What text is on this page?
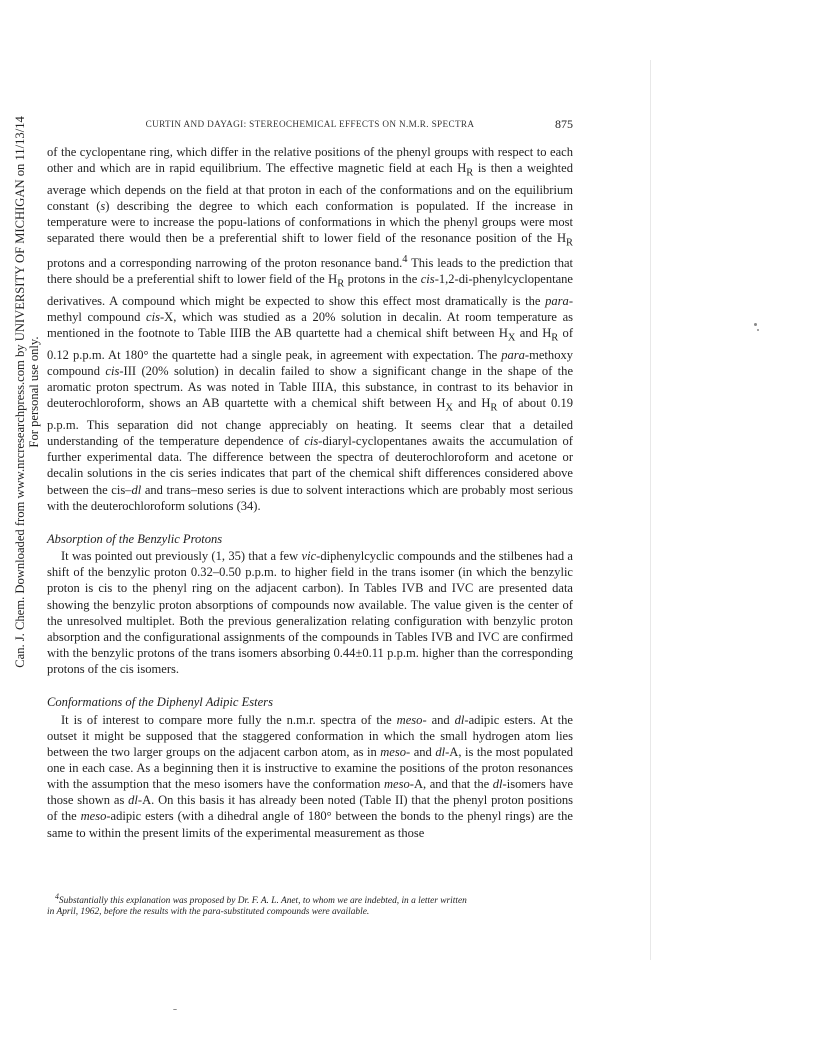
Can. J. Chem. Downloaded from www.nrcresearchpress.com by UNIVERSITY OF MICHIGAN on 11/13/14 For personal use only.
CURTIN AND DAYAGI: STEREOCHEMICAL EFFECTS ON N.M.R. SPECTRA	875

of the cyclopentane ring, which differ in the relative positions of the phenyl groups with respect to each other and which are in rapid equilibrium. The effective magnetic field at each $H_R$ is then a weighted average which depends on the field at that proton in each of the conformations and on the equilibrium constant (s) describing the degree to which each conformation is populated. If the increase in temperature were to increase the popu-lations of conformations in which the phenyl groups were most separated there would then be a preferential shift to lower field of the resonance position of the $H_R$ protons and a corresponding narrowing of the proton resonance band.$^4$ This leads to the prediction that there should be a preferential shift to lower field of the $H_R$ protons in the cis-1,2-di-phenylcyclopentane derivatives. A compound which might be expected to show this effect most dramatically is the para-methyl compound cis-X, which was studied as a 20% solution in decalin. At room temperature as mentioned in the footnote to Table IIIB the AB quartette had a chemical shift between $H_X$ and $H_R$ of 0.12 p.p.m. At 180° the quartette had a single peak, in agreement with expectation. The para-methoxy compound cis-III (20% solution) in decalin failed to show a significant change in the shape of the aromatic proton spectrum. As was noted in Table IIIA, this substance, in contrast to its behavior in deuterochloroform, shows an AB quartette with a chemical shift between $H_X$ and $H_R$ of about 0.19 p.p.m. This separation did not change appreciably on heating. It seems clear that a detailed understanding of the temperature dependence of cis-diaryl-cyclopentanes awaits the accumulation of further experimental data. The difference between the spectra of deuterochloroform and acetone or decalin solutions in the cis series indicates that part of the chemical shift differences considered above between the cis–dl and trans–meso series is due to solvent interactions which are probably most serious with the deuterochloroform solutions (34).

Absorption of the Benzylic Protons

It was pointed out previously (1, 35) that a few vic-diphenylcyclic compounds and the stilbenes had a shift of the benzylic proton 0.32–0.50 p.p.m. to higher field in the trans isomer (in which the benzylic proton is cis to the phenyl ring on the adjacent carbon). In Tables IVB and IVC are presented data showing the benzylic proton absorptions of compounds now available. The value given is the center of the unresolved multiplet. Both the previous generalization relating configuration with benzylic proton absorption and the configurational assignments of the compounds in Tables IVB and IVC are confirmed with the benzylic protons of the trans isomers absorbing 0.44±0.11 p.p.m. higher than the corresponding protons of the cis isomers.

Conformations of the Diphenyl Adipic Esters

It is of interest to compare more fully the n.m.r. spectra of the meso- and dl-adipic esters. At the outset it might be supposed that the staggered conformation in which the small hydrogen atom lies between the two larger groups on the adjacent carbon atom, as in meso- and dl-A, is the most populated one in each case. As a beginning then it is instructive to examine the positions of the proton resonances with the assumption that the meso isomers have the conformation meso-A, and that the dl-isomers have those shown as dl-A. On this basis it has already been noted (Table II) that the phenyl proton positions of the meso-adipic esters (with a dihedral angle of 180° between the bonds to the phenyl rings) are the same to within the present limits of the experimental measurement as those

$^4$Substantially this explanation was proposed by Dr. F. A. L. Anet, to whom we are indebted, in a letter written
in April, 1962, before the results with the para-substituted compounds were available.
